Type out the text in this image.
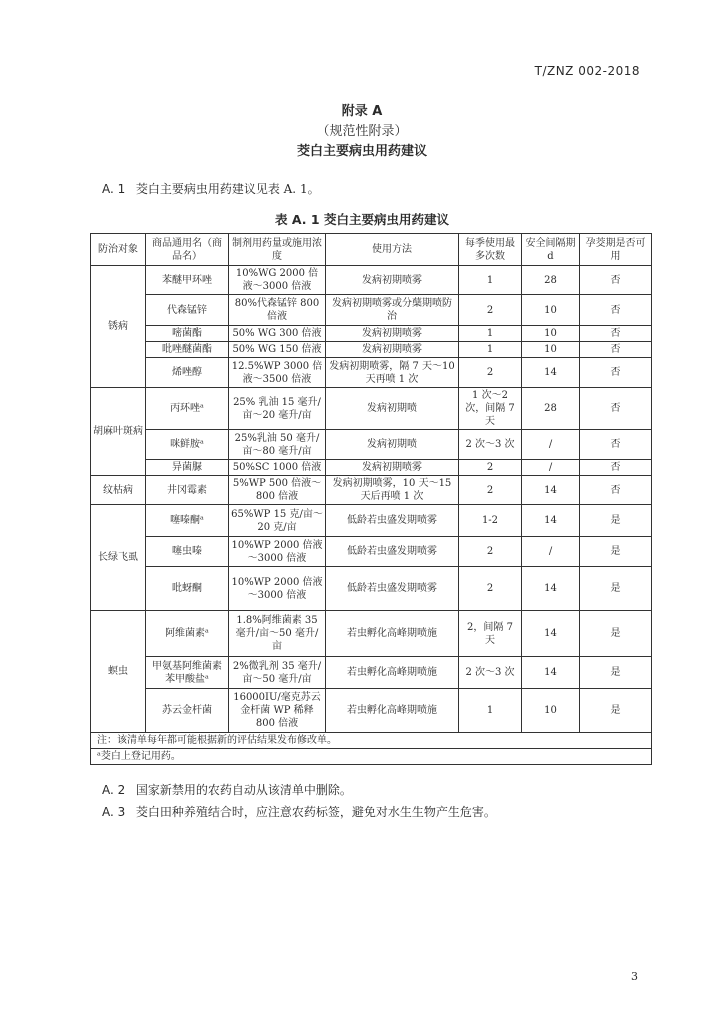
T/ZNZ 002-2018
附录 A
（规范性附录）
茭白主要病虫用药建议
A. 1 茭白主要病虫用药建议见表 A. 1。
表 A. 1 茭白主要病虫用药建议
防治对象	商品通用名（商品名）	制剂用药量或施用浓度	使用方法	每季使用最多次数	安全间隔期 d	孕茭期是否可用
锈病	苯醚甲环唑	10%WG 2000 倍液～3000 倍液	发病初期喷雾	1	28	否
	代森锰锌	80%代森锰锌 800 倍液	发病初期喷雾或分蘖期喷防治	2	10	否
	嘧菌酯	50% WG 300 倍液	发病初期喷雾	1	10	否
	吡唑醚菌酯	50% WG 150 倍液	发病初期喷雾	1	10	否
	烯唑醇	12.5%WP 3000 倍液～3500 倍液	发病初期喷雾，隔 7 天～10 天再喷 1 次	2	14	否
胡麻叶斑病	丙环唑ᵃ	25% 乳油 15 毫升/亩～20 毫升/亩	发病初期喷	1 次～2 次，间隔 7 天	28	否
	咪鲜胺ᵃ	25%乳油 50 毫升/亩～80 毫升/亩	发病初期喷	2 次～3 次	/	否
	异菌脲	50%SC 1000 倍液	发病初期喷雾	2	/	否
纹枯病	井冈霉素	5%WP 500 倍液～800 倍液	发病初期喷雾，10 天～15 天后再喷 1 次	2	14	否
长绿飞虱	噻嗪酮ᵃ	65%WP 15 克/亩～20 克/亩	低龄若虫盛发期喷雾	1-2	14	是
	噻虫嗪	10%WP 2000 倍液～3000 倍液	低龄若虫盛发期喷雾	2	/	是
	吡蚜酮	10%WP 2000 倍液～3000 倍液	低龄若虫盛发期喷雾	2	14	是
螟虫	阿维菌素ᵃ	1.8%阿维菌素 35 毫升/亩～50 毫升/亩	若虫孵化高峰期喷施	2，间隔 7 天	14	是
	甲氨基阿维菌素苯甲酸盐ᵃ	2%微乳剂 35 毫升/亩～50 毫升/亩	若虫孵化高峰期喷施	2 次～3 次	14	是
	苏云金杆菌	16000IU/毫克苏云金杆菌 WP 稀释 800 倍液	若虫孵化高峰期喷施	1	10	是
注：该清单每年都可能根据新的评估结果发布修改单。						
ᵃ茭白上登记用药。						
A. 2 国家新禁用的农药自动从该清单中删除。
A. 3 茭白田种养殖结合时，应注意农药标签，避免对水生生物产生危害。
3
